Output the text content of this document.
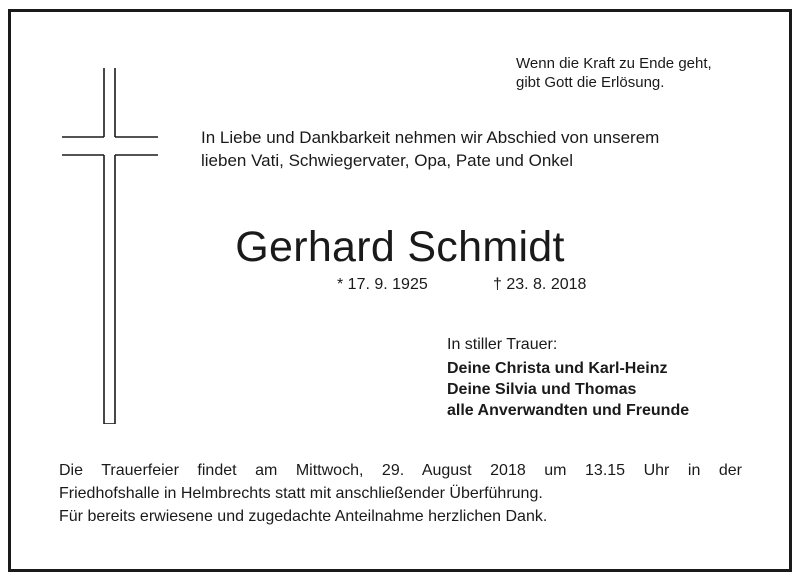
Wenn die Kraft zu Ende geht,
gibt Gott die Erlösung.
In Liebe und Dankbarkeit nehmen wir Abschied von unserem
lieben Vati, Schwiegervater, Opa, Pate und Onkel
Gerhard Schmidt
* 17. 9. 1925	† 23. 8. 2018
In stiller Trauer:
Deine Christa und Karl-Heinz
Deine Silvia und Thomas
alle Anverwandten und Freunde
Die Trauerfeier findet am Mittwoch, 29. August 2018 um 13.15 Uhr in der
Friedhofshalle in Helmbrechts statt mit anschließender Überführung.
Für bereits erwiesene und zugedachte Anteilnahme herzlichen Dank.
